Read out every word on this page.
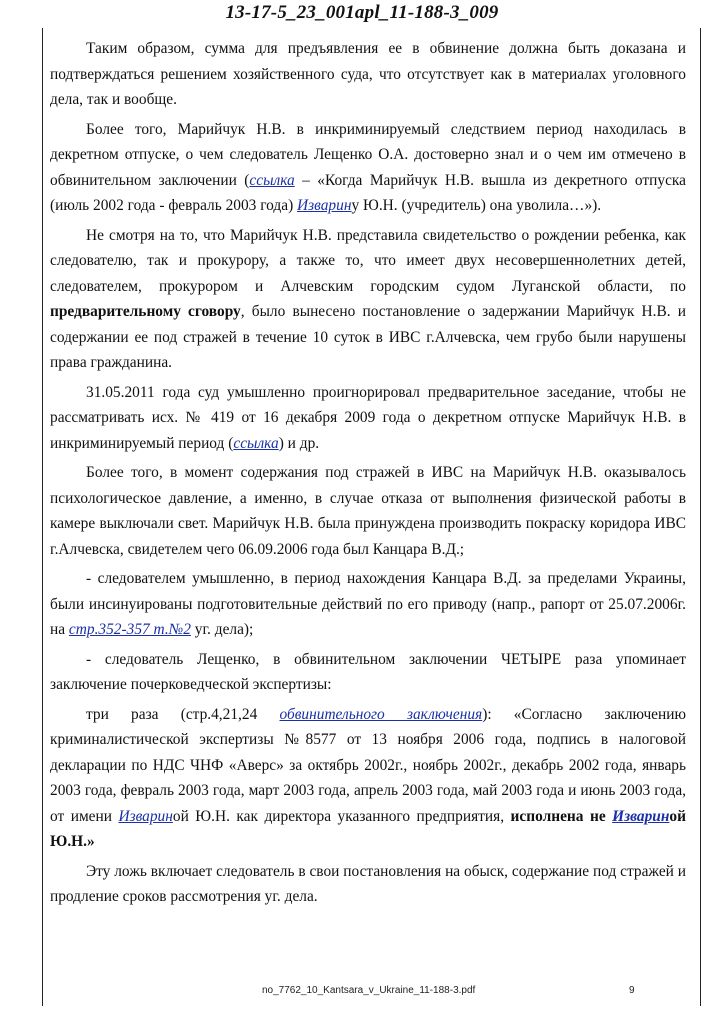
13-17-5_23_001apl_11-188-3_009

Таким образом, сумма для предъявления ее в обвинение должна быть доказана и подтверждаться решением хозяйственного суда, что отсутствует как в материалах уголовного дела, так и вообще.

Более того, Марийчук Н.В. в инкриминируемый следствием период находилась в декретном отпуске, о чем следователь Лещенко О.А. достоверно знал и о чем им отмечено в обвинительном заключении (ссылка – «Когда Марийчук Н.В. вышла из декретного отпуска (июль 2002 года - февраль 2003 года) Изварину Ю.Н. (учредитель) она уволила…»).

Не смотря на то, что Марийчук Н.В. представила свидетельство о рождении ребенка, как следователю, так и прокурору, а также то, что имеет двух несовершеннолетних детей, следователем, прокурором и Алчевским городским судом Луганской области, по предварительному сговору, было вынесено постановление о задержании Марийчук Н.В. и содержании ее под стражей в течение 10 суток в ИВС г.Алчевска, чем грубо были нарушены права гражданина.

31.05.2011 года суд умышленно проигнорировал предварительное заседание, чтобы не рассматривать исх. № 419 от 16 декабря 2009 года о декретном отпуске Марийчук Н.В. в инкриминируемый период (ссылка) и др.

Более того, в момент содержания под стражей в ИВС на Марийчук Н.В. оказывалось психологическое давление, а именно, в случае отказа от выполнения физической работы в камере выключали свет. Марийчук Н.В. была принуждена производить покраску коридора ИВС г.Алчевска, свидетелем чего 06.09.2006 года был Канцара В.Д.;

- следователем умышленно, в период нахождения Канцара В.Д. за пределами Украины, были инсинуированы подготовительные действий по его приводу (напр., рапорт от 25.07.2006г. на стр.352-357 т.№2 уг. дела);

- следователь Лещенко, в обвинительном заключении ЧЕТЫРЕ раза упоминает заключение почерковедческой экспертизы:

три раза (стр.4,21,24 обвинительного заключения): «Согласно заключению криминалистической экспертизы №8577 от 13 ноября 2006 года, подпись в налоговой декларации по НДС ЧНФ «Аверс» за октябрь 2002г., ноябрь 2002г., декабрь 2002 года, январь 2003 года, февраль 2003 года, март 2003 года, апрель 2003 года, май 2003 года и июнь 2003 года, от имени Извариной Ю.Н. как директора указанного предприятия, исполнена не Извариной Ю.Н.»

Эту ложь включает следователь в свои постановления на обыск, содержание под стражей и продление сроков рассмотрения уг. дела.

no_7762_10_Kantsara_v_Ukraine_11-188-3.pdf	9
